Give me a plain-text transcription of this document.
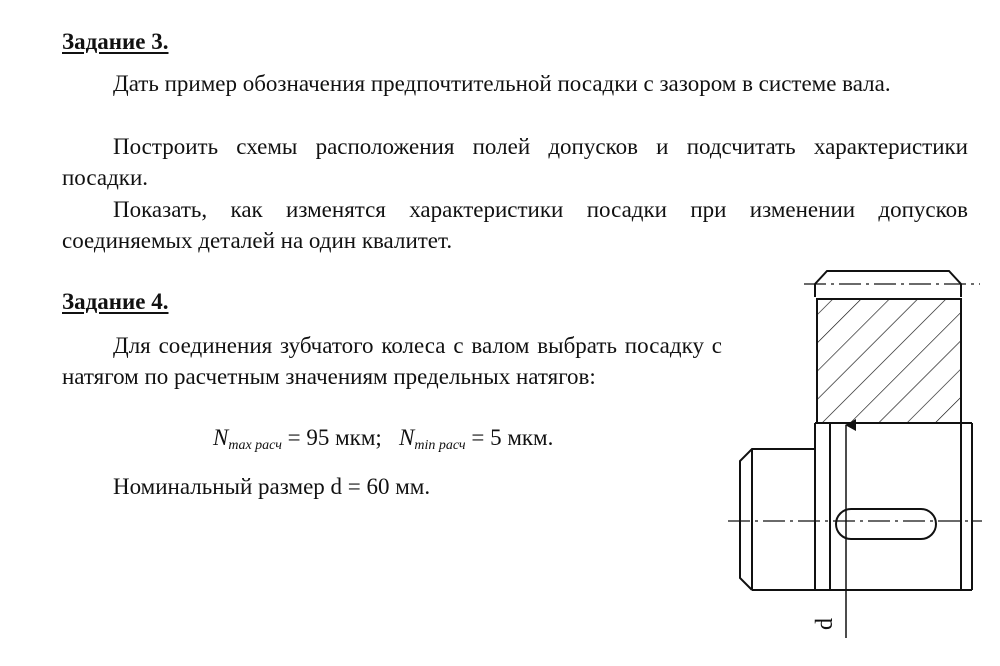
Задание 3.

Дать пример обозначения предпочтительной посадки с зазором в системе вала.

Построить схемы расположения полей допусков и подсчитать характеристики посадки.

Показать, как изменятся характеристики посадки при изменении допусков соединяемых деталей на один квалитет.

Задание 4.

Для соединения зубчатого колеса с валом выбрать посадку с натягом по расчетным значениям предельных натягов:

$N_{max расч} = 95$ мкм; $N_{min расч} = 5$ мкм.
Номинальный размер d = 60 мм.
d
